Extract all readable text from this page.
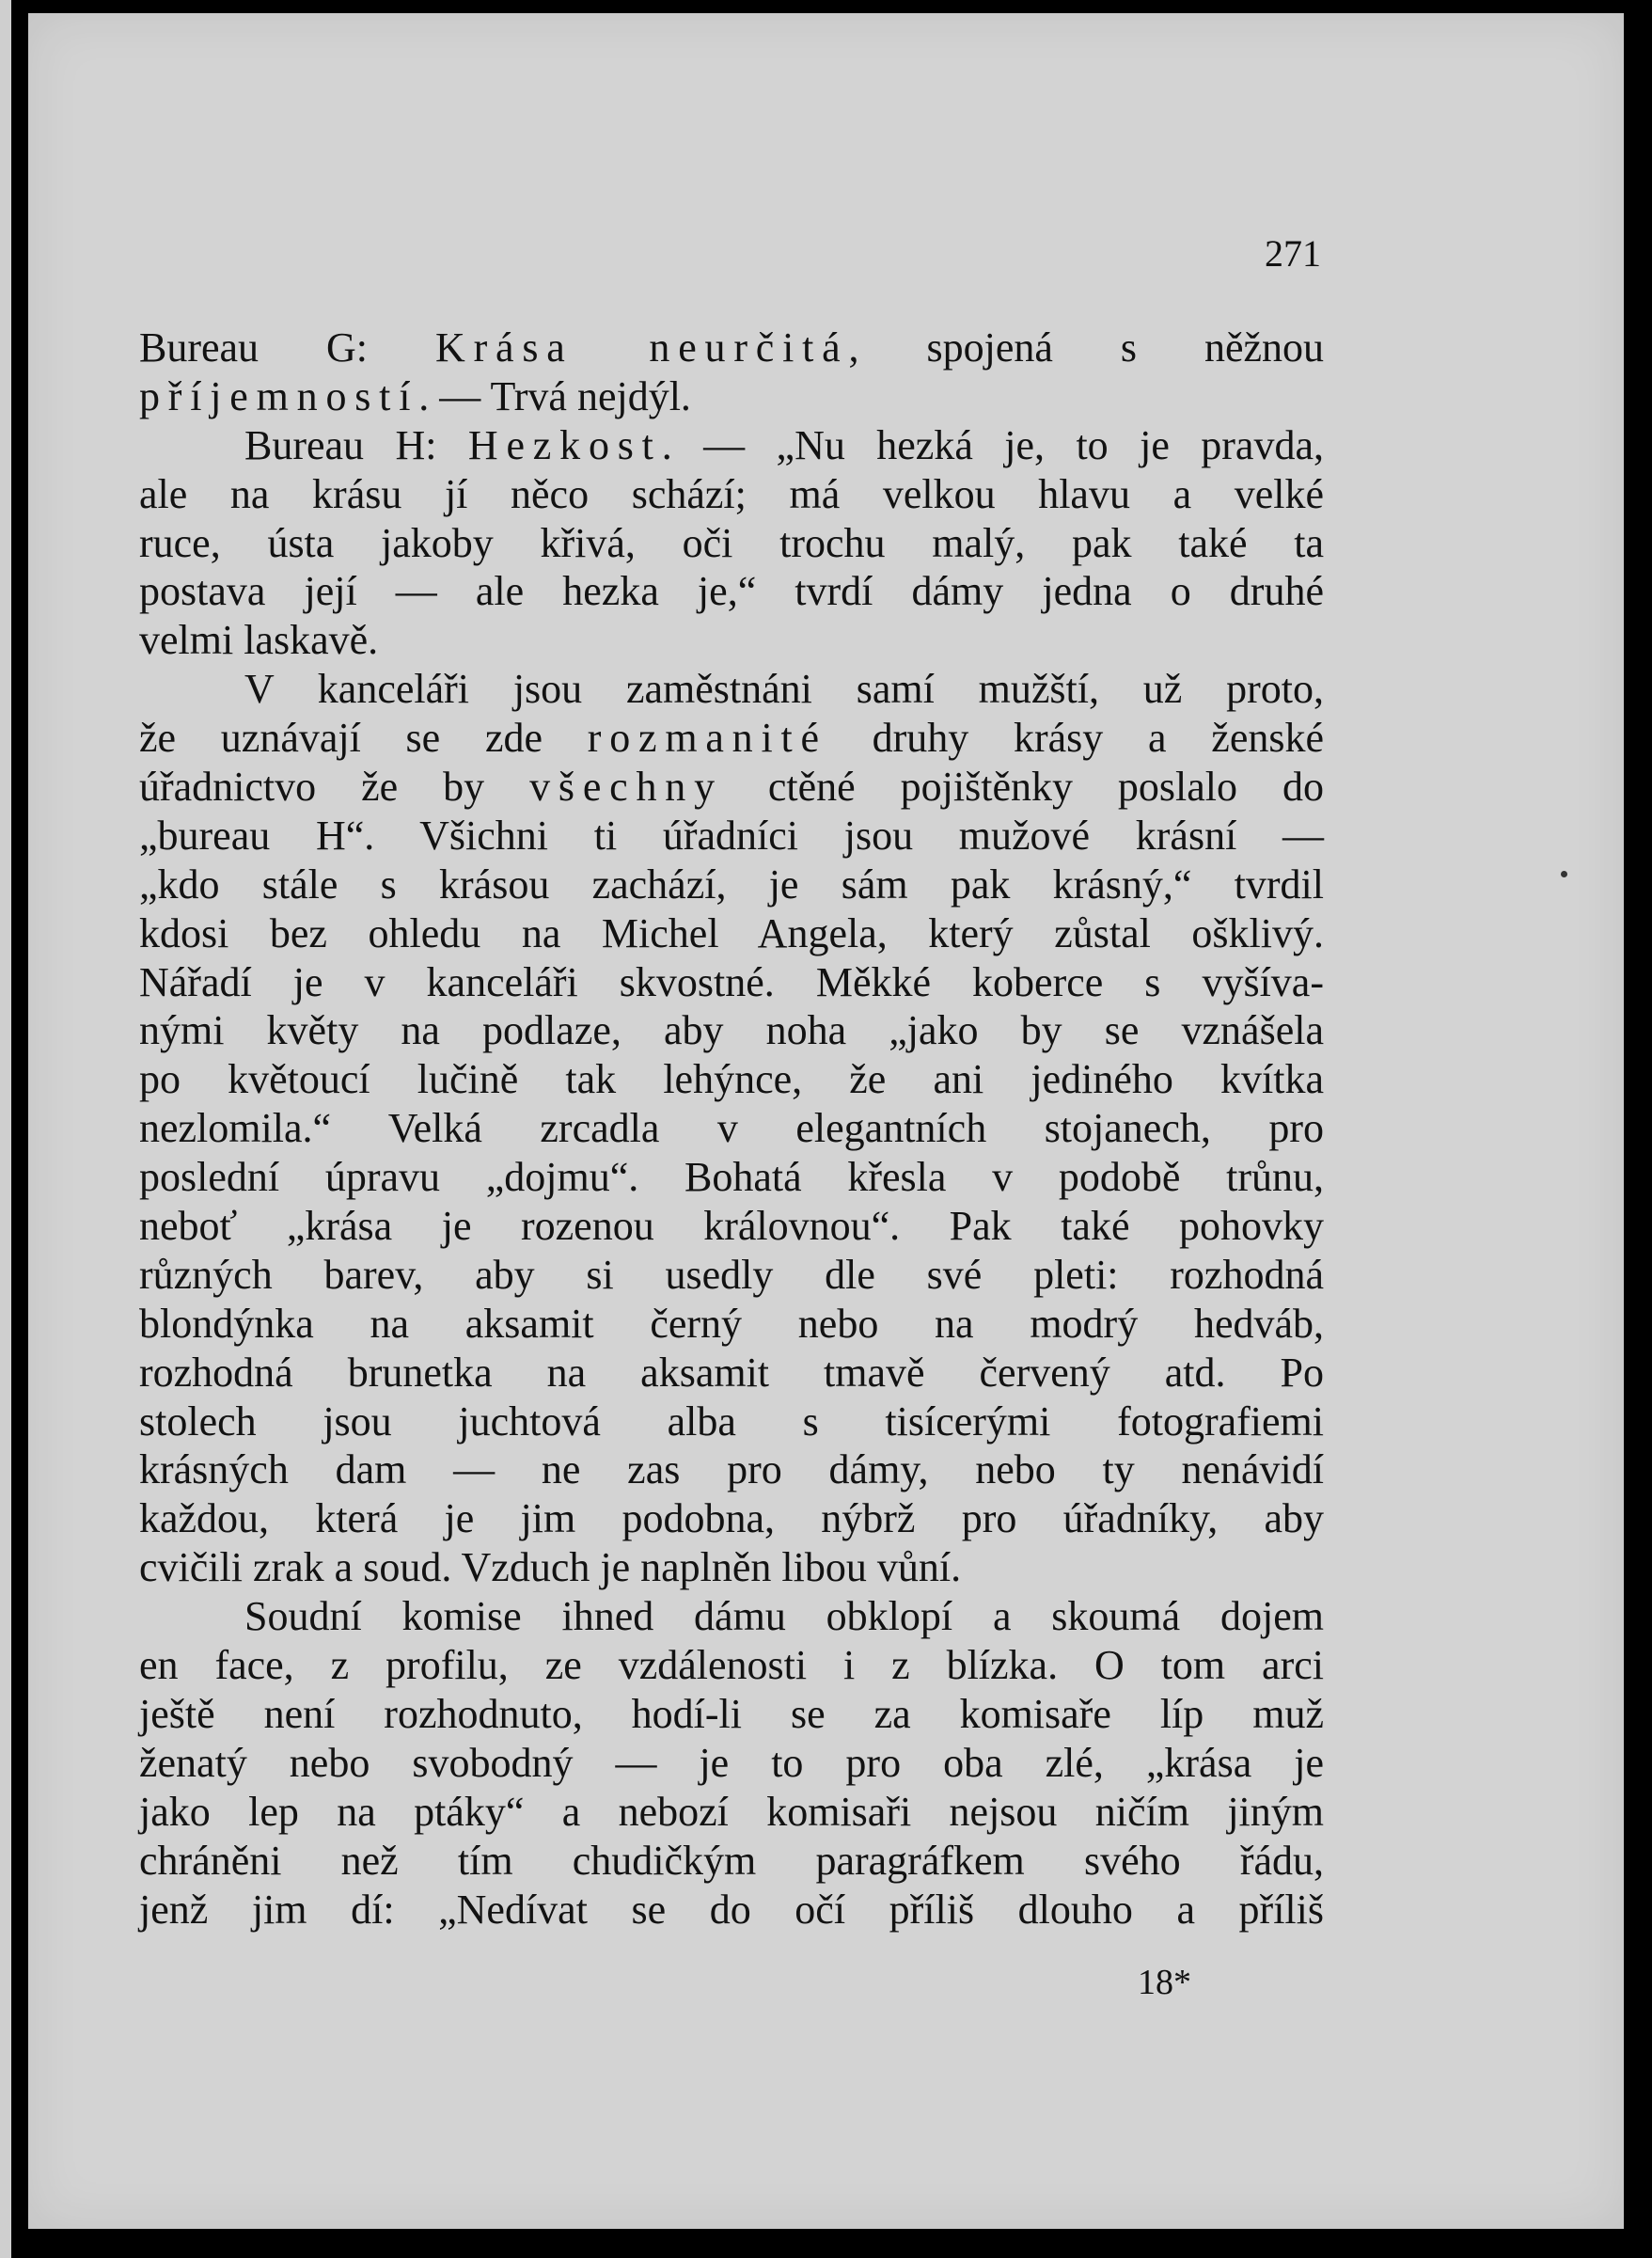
271
Bureau G: Krása neurčitá, spojená s něžnou
příjemností. — Trvá nejdýl.
Bureau H: Hezkost. — „Nu hezká je, to je pravda,
ale na krásu jí něco schází; má velkou hlavu a velké
ruce, ústa jakoby křivá, oči trochu malý, pak také ta
postava její — ale hezka je,“ tvrdí dámy jedna o druhé
velmi laskavě.
V kanceláři jsou zaměstnáni samí mužští, už proto,
že uznávají se zde rozmanité druhy krásy a ženské
úřadnictvo že by všechny ctěné pojištěnky poslalo do
„bureau H“. Všichni ti úřadníci jsou mužové krásní —
„kdo stále s krásou zachází, je sám pak krásný,“ tvrdil
kdosi bez ohledu na Michel Angela, který zůstal ošklivý.
Nářadí je v kanceláři skvostné. Měkké koberce s vyšíva-
nými květy na podlaze, aby noha „jako by se vznášela
po květoucí lučině tak lehýnce, že ani jediného kvítka
nezlomila.“ Velká zrcadla v elegantních stojanech, pro
poslední úpravu „dojmu“. Bohatá křesla v podobě trůnu,
neboť „krása je rozenou královnou“. Pak také pohovky
různých barev, aby si usedly dle své pleti: rozhodná
blondýnka na aksamit černý nebo na modrý hedváb,
rozhodná brunetka na aksamit tmavě červený atd. Po
stolech jsou juchtová alba s tisícerými fotografiemi
krásných dam — ne zas pro dámy, nebo ty nenávidí
každou, která je jim podobna, nýbrž pro úřadníky, aby
cvičili zrak a soud. Vzduch je naplněn libou vůní.
Soudní komise ihned dámu obklopí a skoumá dojem
en face, z profilu, ze vzdálenosti i z blízka. O tom arci
ještě není rozhodnuto, hodí-li se za komisaře líp muž
ženatý nebo svobodný — je to pro oba zlé, „krása je
jako lep na ptáky“ a nebozí komisaři nejsou ničím jiným
chráněni než tím chudičkým paragráfkem svého řádu,
jenž jim dí: „Nedívat se do očí příliš dlouho a příliš
18*
